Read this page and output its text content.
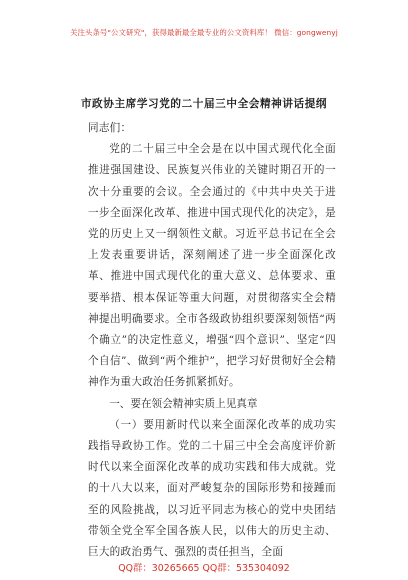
关注头条号"公文研究"，获得最新最全最专业的公文资料库！ 微信：gongwenyj
市政协主席学习党的二十届三中全会精神讲话提纲

同志们：

党的二十届三中全会是在以中国式现代化全面推进强国建设、民族复兴伟业的关键时期召开的一次十分重要的会议。全会通过的《中共中央关于进一步全面深化改革、推进中国式现代化的决定》，是党的历史上又一纲领性文献。习近平总书记在全会上发表重要讲话，深刻阐述了进一步全面深化改革、推进中国式现代化的重大意义、总体要求、重要举措、根本保证等重大问题，对贯彻落实全会精神提出明确要求。全市各级政协组织要深刻领悟“两个确立”的决定性意义，增强“四个意识”、坚定“四个自信”、做到“两个维护”，把学习好贯彻好全会精神作为重大政治任务抓紧抓好。

一、要在领会精神实质上见真章

（一）要用新时代以来全面深化改革的成功实践指导政协工作。党的二十届三中全会高度评价新时代以来全面深化改革的成功实践和伟大成就。党的十八大以来，面对严峻复杂的国际形势和接踵而至的风险挑战，以习近平同志为核心的党中央团结带领全党全军全国各族人民，以伟大的历史主动、巨大的政治勇气、强烈的责任担当，全面

QQ群：30265665 QQ群：535304092
